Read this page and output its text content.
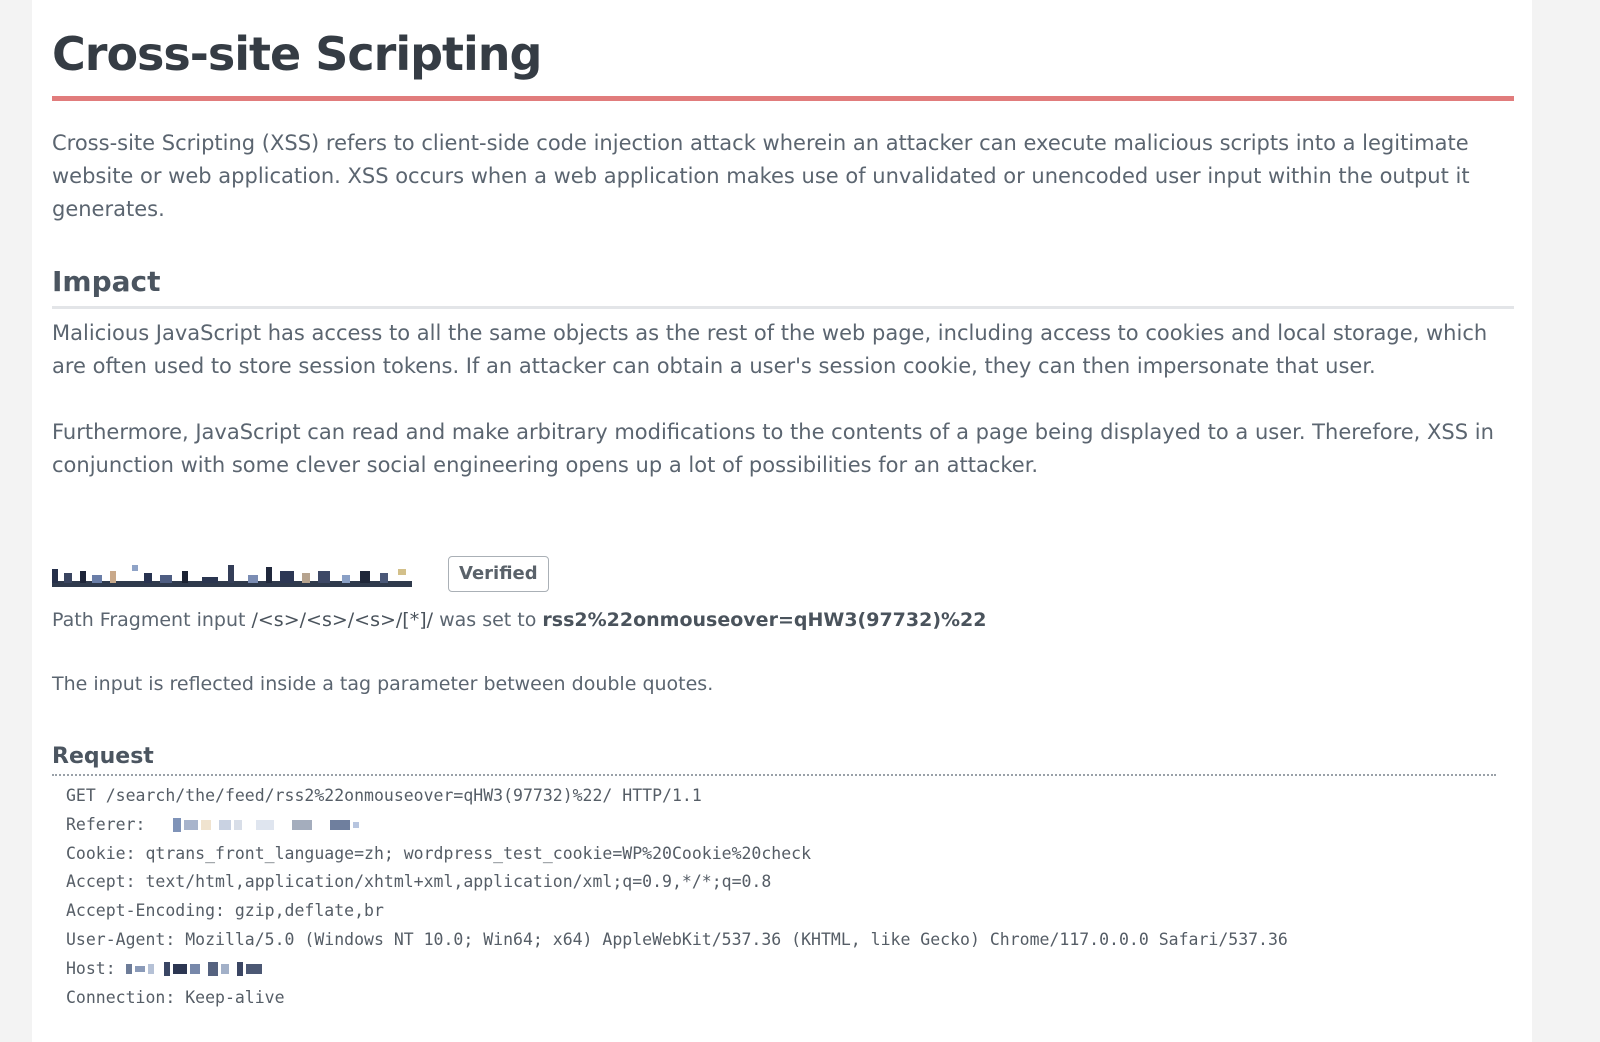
Cross-site Scripting

Cross-site Scripting (XSS) refers to client-side code injection attack wherein an attacker can execute malicious scripts into a legitimate website or web application. XSS occurs when a web application makes use of unvalidated or unencoded user input within the output it generates.

Impact

Malicious JavaScript has access to all the same objects as the rest of the web page, including access to cookies and local storage, which are often used to store session tokens. If an attacker can obtain a user's session cookie, they can then impersonate that user.

Furthermore, JavaScript can read and make arbitrary modifications to the contents of a page being displayed to a user. Therefore, XSS in conjunction with some clever social engineering opens up a lot of possibilities for an attacker.

Verified
Path Fragment input /<s>/<s>/<s>/[*]/ was set to rss2%22onmouseover=qHW3(97732)%22
The input is reflected inside a tag parameter between double quotes.
Request
GET /search/the/feed/rss2%22onmouseover=qHW3(97732)%22/ HTTP/1.1
Referer:
Cookie: qtrans_front_language=zh; wordpress_test_cookie=WP%20Cookie%20check
Accept: text/html,application/xhtml+xml,application/xml;q=0.9,*/*;q=0.8
Accept-Encoding: gzip,deflate,br
User-Agent: Mozilla/5.0 (Windows NT 10.0; Win64; x64) AppleWebKit/537.36 (KHTML, like Gecko) Chrome/117.0.0.0 Safari/537.36
Host:
Connection: Keep-alive
